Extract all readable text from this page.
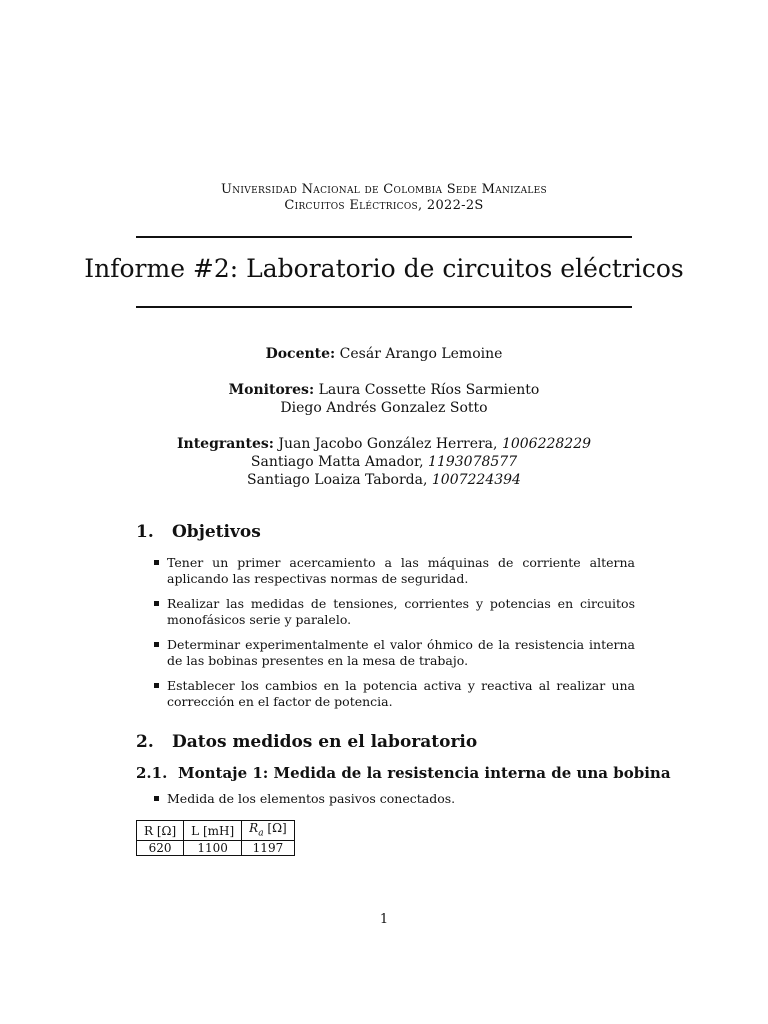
Universidad Nacional de Colombia Sede Manizales
Circuitos Eléctricos, 2022-2S
Informe #2: Laboratorio de circuitos eléctricos
Docente: Cesár Arango Lemoine
Monitores: Laura Cossette Ríos Sarmiento
Diego Andrés Gonzalez Sotto
Integrantes: Juan Jacobo González Herrera, 1006228229
Santiago Matta Amador, 1193078577
Santiago Loaiza Taborda, 1007224394
1. Objetivos
Tener un primer acercamiento a las máquinas de corriente alterna aplicando las respectivas normas de seguridad.
Realizar las medidas de tensiones, corrientes y potencias en circuitos monofásicos serie y paralelo.
Determinar experimentalmente el valor óhmico de la resistencia interna de las bobinas presentes en la mesa de trabajo.
Establecer los cambios en la potencia activa y reactiva al realizar una corrección en el factor de potencia.
2. Datos medidos en el laboratorio
2.1. Montaje 1: Medida de la resistencia interna de una bobina
Medida de los elementos pasivos conectados.
R [Ω]	L [mH]	$R_a$ [Ω]
620	1100	1197
1
